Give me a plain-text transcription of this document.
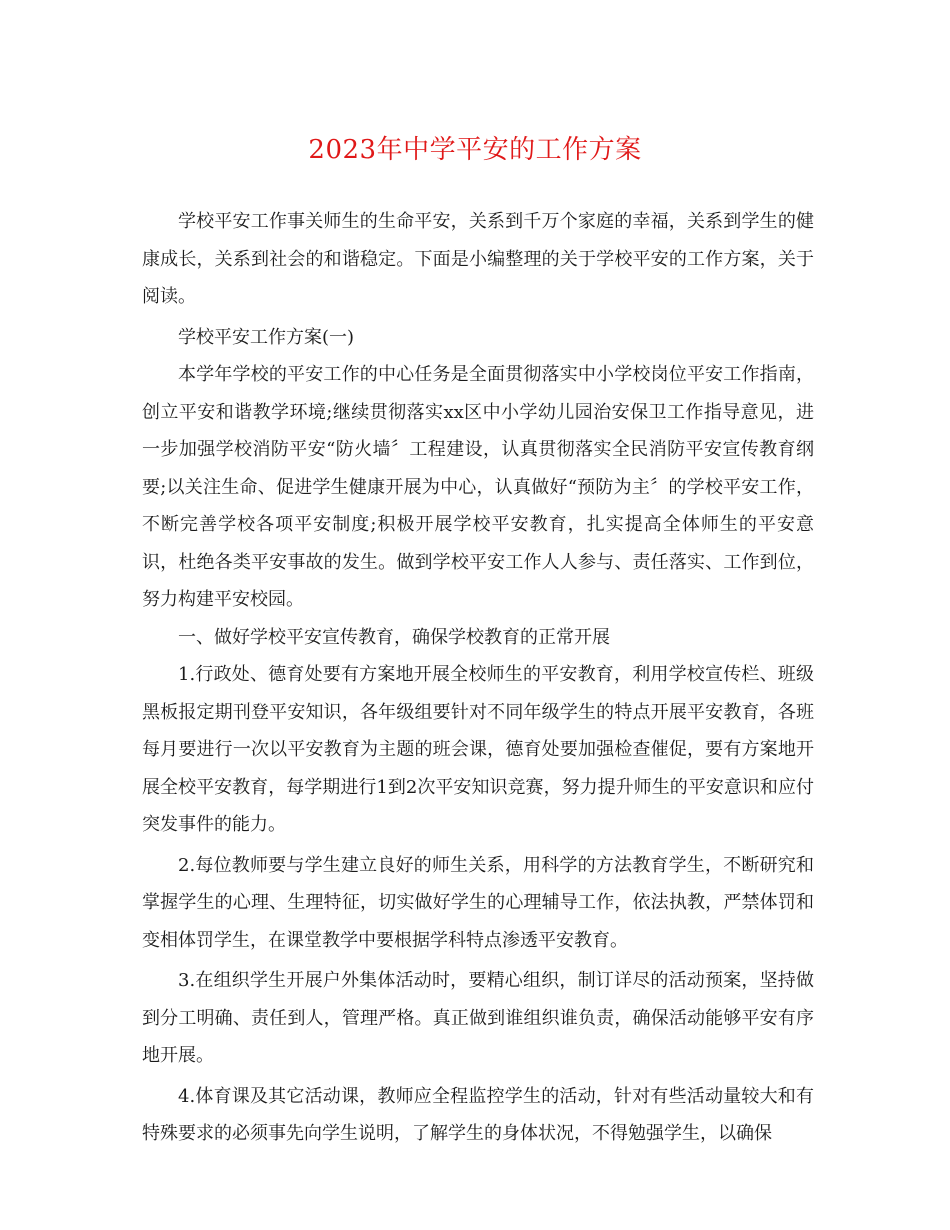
2023年中学平安的工作方案

学校平安工作事关师生的生命平安，关系到千万个家庭的幸福，关系到学生的健康成长，关系到社会的和谐稳定。下面是小编整理的关于学校平安的工作方案，关于阅读。

学校平安工作方案(一)

本学年学校的平安工作的中心任务是全面贯彻落实中小学校岗位平安工作指南，创立平安和谐教学环境;继续贯彻落实xx区中小学幼儿园治安保卫工作指导意见，进一步加强学校消防平安“防火墙〞工程建设，认真贯彻落实全民消防平安宣传教育纲要;以关注生命、促进学生健康开展为中心，认真做好“预防为主〞的学校平安工作，不断完善学校各项平安制度;积极开展学校平安教育，扎实提高全体师生的平安意识，杜绝各类平安事故的发生。做到学校平安工作人人参与、责任落实、工作到位，努力构建平安校园。

一、做好学校平安宣传教育，确保学校教育的正常开展

1.行政处、德育处要有方案地开展全校师生的平安教育，利用学校宣传栏、班级黑板报定期刊登平安知识，各年级组要针对不同年级学生的特点开展平安教育，各班每月要进行一次以平安教育为主题的班会课，德育处要加强检查催促，要有方案地开展全校平安教育，每学期进行1到2次平安知识竞赛，努力提升师生的平安意识和应付突发事件的能力。

2.每位教师要与学生建立良好的师生关系，用科学的方法教育学生，不断研究和掌握学生的心理、生理特征，切实做好学生的心理辅导工作，依法执教，严禁体罚和变相体罚学生，在课堂教学中要根据学科特点渗透平安教育。

3.在组织学生开展户外集体活动时，要精心组织，制订详尽的活动预案，坚持做到分工明确、责任到人，管理严格。真正做到谁组织谁负责，确保活动能够平安有序地开展。

4.体育课及其它活动课，教师应全程监控学生的活动，针对有些活动量较大和有特殊要求的必须事先向学生说明，了解学生的身体状况，不得勉强学生，以确保
